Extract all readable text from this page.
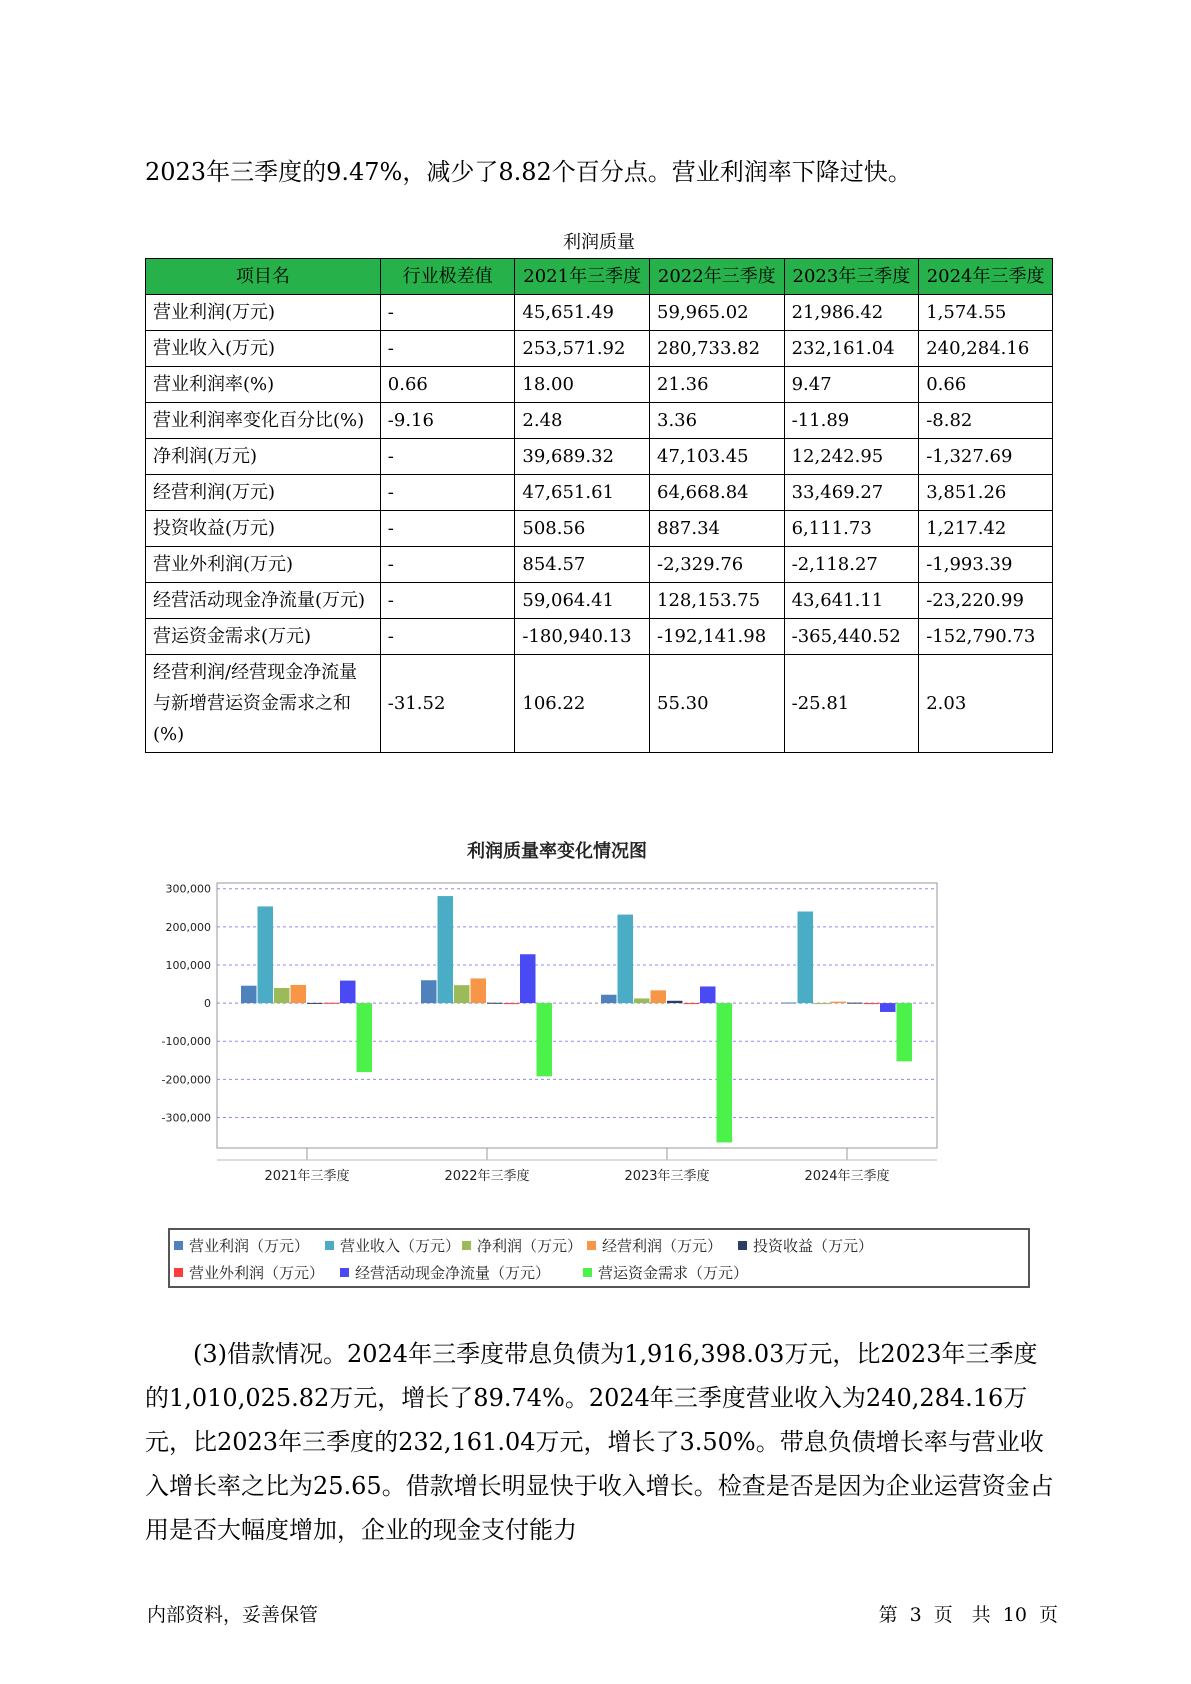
2023年三季度的9.47%，减少了8.82个百分点。营业利润率下降过快。
利润质量
项目名	行业极差值	2021年三季度	2022年三季度	2023年三季度	2024年三季度
营业利润(万元)	-	45,651.49	59,965.02	21,986.42	1,574.55
营业收入(万元)	-	253,571.92	280,733.82	232,161.04	240,284.16
营业利润率(%)	0.66	18.00	21.36	9.47	0.66
营业利润率变化百分比(%)	-9.16	2.48	3.36	-11.89	-8.82
净利润(万元)	-	39,689.32	47,103.45	12,242.95	-1,327.69
经营利润(万元)	-	47,651.61	64,668.84	33,469.27	3,851.26
投资收益(万元)	-	508.56	887.34	6,111.73	1,217.42
营业外利润(万元)	-	854.57	-2,329.76	-2,118.27	-1,993.39
经营活动现金净流量(万元)	-	59,064.41	128,153.75	43,641.11	-23,220.99
营运资金需求(万元)	-	-180,940.13	-192,141.98	-365,440.52	-152,790.73
经营利润/经营现金净流量与新增营运资金需求之和(%)	-31.52	106.22	55.30	-25.81	2.03
利润质量率变化情况图
300,000
200,000
100,000
0
-100,000
-200,000
-300,000
2021年三季度	2022年三季度	2023年三季度	2024年三季度
营业利润（万元） 营业收入（万元） 净利润（万元） 经营利润（万元） 投资收益（万元）
营业外利润（万元） 经营活动现金净流量（万元）	营运资金需求（万元）
(3)借款情况。2024年三季度带息负债为1,916,398.03万元，比2023年三季度的1,010,025.82万元，增长了89.74%。2024年三季度营业收入为240,284.16万元，比2023年三季度的232,161.04万元，增长了3.50%。带息负债增长率与营业收入增长率之比为25.65。借款增长明显快于收入增长。检查是否是因为企业运营资金占用是否大幅度增加，企业的现金支付能力
内部资料，妥善保管	第 3 页　共 10 页
